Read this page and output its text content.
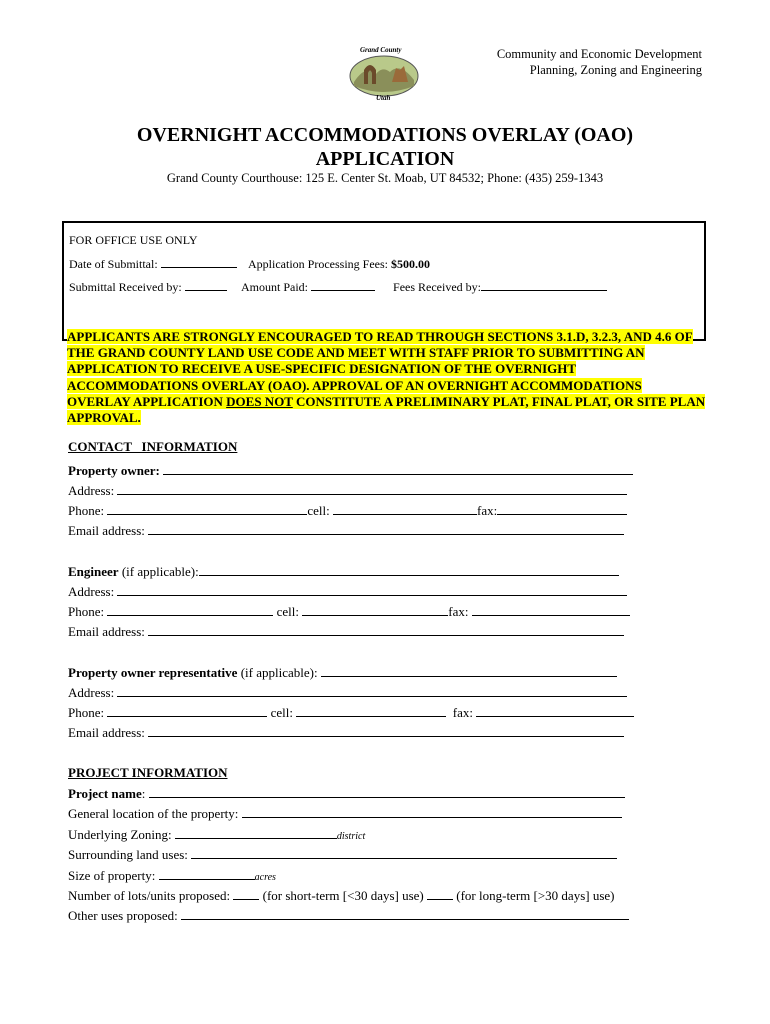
Grand County
Utah
Community and Economic Development
Planning, Zoning and Engineering
OVERNIGHT ACCOMMODATIONS OVERLAY (OAO)
APPLICATION
Grand County Courthouse: 125 E. Center St. Moab, UT 84532; Phone: (435) 259-1343
FOR OFFICE USE ONLY
Date of Submittal:	Application Processing Fees: $500.00
Submittal Received by:	Amount Paid:	Fees Received by:
APPLICANTS ARE STRONGLY ENCOURAGED TO READ THROUGH SECTIONS 3.1.D, 3.2.3, AND 4.6 OF THE GRAND COUNTY LAND USE CODE AND MEET WITH STAFF PRIOR TO SUBMITTING AN APPLICATION TO RECEIVE A USE-SPECIFIC DESIGNATION OF THE OVERNIGHT ACCOMMODATIONS OVERLAY (OAO). APPROVAL OF AN OVERNIGHT ACCOMMODATIONS OVERLAY APPLICATION DOES NOT CONSTITUTE A PRELIMINARY PLAT, FINAL PLAT, OR SITE PLAN APPROVAL.
CONTACT   INFORMATION
Property owner:
Address:
Phone:	cell:	fax:
Email address:
Engineer (if applicable):
Address:
Phone:	cell:	fax:
Email address:
Property owner representative (if applicable):
Address:
Phone:	cell:	fax:
Email address:
PROJECT INFORMATION
Project name:
General location of the property:
Underlying Zoning:	district
Surrounding land uses:
Size of property:	acres
Number of lots/units proposed:	(for short-term [<30 days] use)	(for long-term [>30 days] use)
Other uses proposed:
